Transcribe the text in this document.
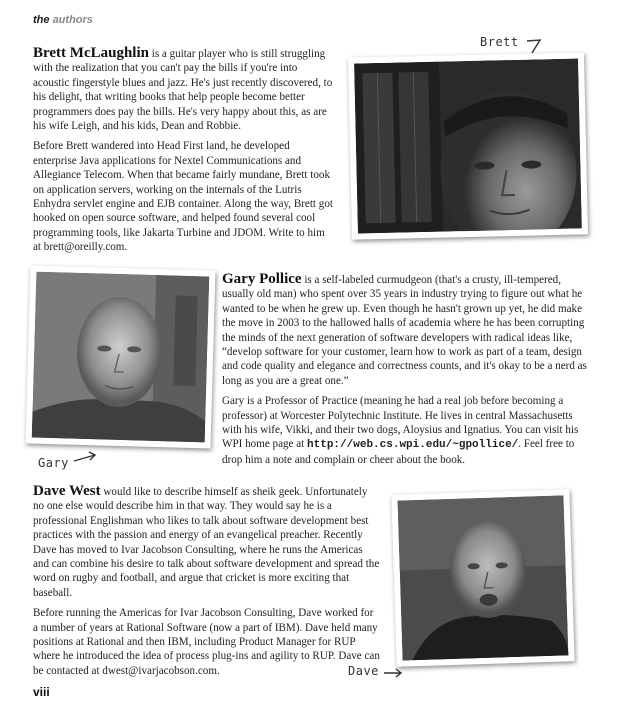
the authors

Brett McLaughlin is a guitar player who is still struggling with the realization that you can't pay the bills if you're into acoustic fingerstyle blues and jazz. He's just recently discovered, to his delight, that writing books that help people become better programmers does pay the bills. He's very happy about this, as are his wife Leigh, and his kids, Dean and Robbie.

Before Brett wandered into Head First land, he developed enterprise Java applications for Nextel Communications and Allegiance Telecom. When that became fairly mundane, Brett took on application servers, working on the internals of the Lutris Enhydra servlet engine and EJB container. Along the way, Brett got hooked on open source software, and helped found several cool programming tools, like Jakarta Turbine and JDOM. Write to him at brett@oreilly.com.

Brett
Gary

Gary Pollice is a self-labeled curmudgeon (that's a crusty, ill-tempered, usually old man) who spent over 35 years in industry trying to figure out what he wanted to be when he grew up. Even though he hasn't grown up yet, he did make the move in 2003 to the hallowed halls of academia where he has been corrupting the minds of the next generation of software developers with radical ideas like, “develop software for your customer, learn how to work as part of a team, design and code quality and elegance and correctness counts, and it's okay to be a nerd as long as you are a great one.”

Gary is a Professor of Practice (meaning he had a real job before becoming a professor) at Worcester Polytechnic Institute. He lives in central Massachusetts with his wife, Vikki, and their two dogs, Aloysius and Ignatius. You can visit his WPI home page at http://web.cs.wpi.edu/~gpollice/. Feel free to drop him a note and complain or cheer about the book.

Dave West would like to describe himself as sheik geek. Unfortunately no one else would describe him in that way. They would say he is a professional Englishman who likes to talk about software development best practices with the passion and energy of an evangelical preacher. Recently Dave has moved to Ivar Jacobson Consulting, where he runs the Americas and can combine his desire to talk about software development and spread the word on rugby and football, and argue that cricket is more exciting that baseball.

Before running the Americas for Ivar Jacobson Consulting, Dave worked for a number of years at Rational Software (now a part of IBM). Dave held many positions at Rational and then IBM, including Product Manager for RUP where he introduced the idea of process plug-ins and agility to RUP. Dave can be contacted at dwest@ivarjacobson.com.	Dave
viii
